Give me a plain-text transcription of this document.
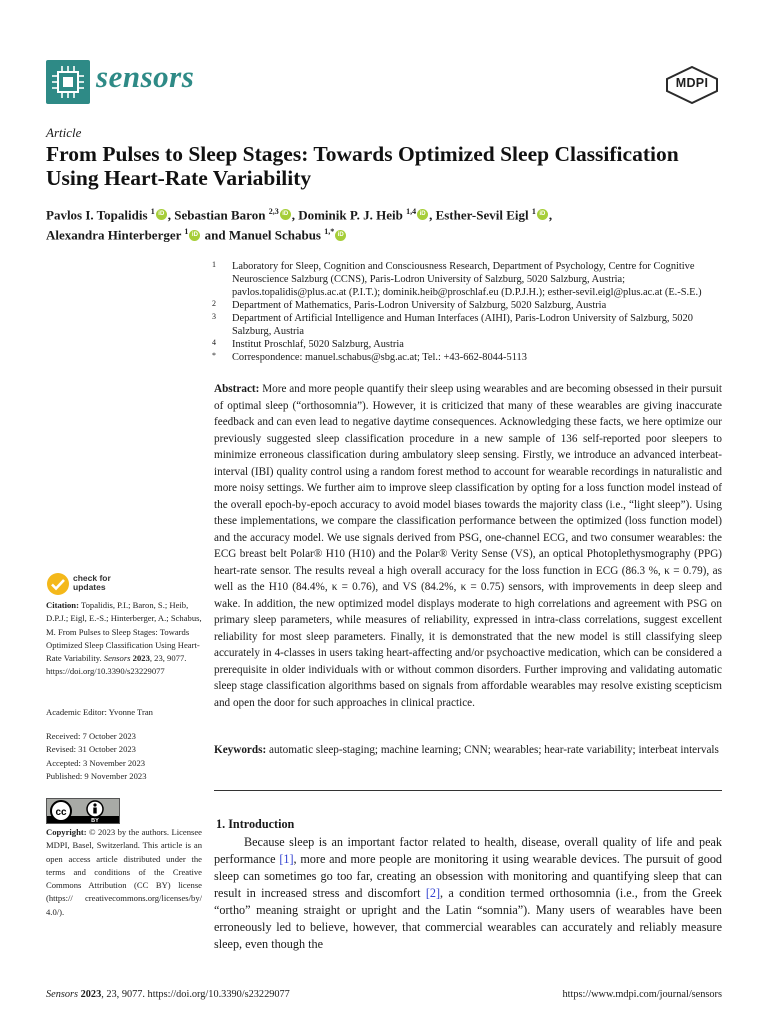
sensors	MDPI
Article
From Pulses to Sleep Stages: Towards Optimized Sleep Classification Using Heart-Rate Variability
Pavlos I. Topalidis $^1$ iD , Sebastian Baron $^{2,3}$ iD , Dominik P. J. Heib $^{1,4}$ iD , Esther-Sevil Eigl $^1$ iD ,
Alexandra Hinterberger $^1$iD and Manuel Schabus $^{1,*}$iD
1 Laboratory for Sleep, Cognition and Consciousness Research, Department of Psychology, Centre for Cognitive Neuroscience Salzburg (CCNS), Paris-Lodron University of Salzburg, 5020 Salzburg, Austria; pavlos.topalidis@plus.ac.at (P.I.T.); dominik.heib@proschlaf.eu (D.P.J.H.); esther-sevil.eigl@plus.ac.at (E.-S.E.)
2 Department of Mathematics, Paris-Lodron University of Salzburg, 5020 Salzburg, Austria
3 Department of Artificial Intelligence and Human Interfaces (AIHI), Paris-Lodron University of Salzburg, 5020 Salzburg, Austria
4 Institut Proschlaf, 5020 Salzburg, Austria
* Correspondence: manuel.schabus@sbg.ac.at; Tel.: +43-662-8044-5113
Abstract: More and more people quantify their sleep using wearables and are becoming obsessed in their pursuit of optimal sleep (“orthosomnia”). However, it is criticized that many of these wearables are giving inaccurate feedback and can even lead to negative daytime consequences. Acknowledging these facts, we here optimize our previously suggested sleep classification procedure in a new sample of 136 self-reported poor sleepers to minimize erroneous classification during ambulatory sleep sensing. Firstly, we introduce an advanced interbeat-interval (IBI) quality control using a random forest method to account for wearable recordings in naturalistic and more noisy settings. We further aim to improve sleep classification by opting for a loss function model instead of the overall epoch-by-epoch accuracy to avoid model biases towards the majority class (i.e., “light sleep”). Using these implementations, we compare the classification performance between the optimized (loss function model) and the accuracy model. We use signals derived from PSG, one-channel ECG, and two consumer wearables: the ECG breast belt Polar® H10 (H10) and the Polar® Verity Sense (VS), an optical Photoplethysmography (PPG) heart-rate sensor. The results reveal a high overall accuracy for the loss function in ECG (86.3 %, κ = 0.79), as well as the H10 (84.4%, κ = 0.76), and VS (84.2%, κ = 0.75) sensors, with improvements in deep sleep and wake. In addition, the new optimized model displays moderate to high correlations and agreement with PSG on primary sleep parameters, while measures of reliability, expressed in intra-class correlations, suggest excellent reliability for most sleep parameters. Finally, it is demonstrated that the new model is still classifying sleep accurately in 4-classes in users taking heart-affecting and/or psychoactive medication, which can be considered a prerequisite in older individuals with or without common disorders. Further improving and validating automatic sleep stage classification algorithms based on signals from affordable wearables may resolve existing scepticism and open the door for such approaches in clinical practice.
Keywords: automatic sleep-staging; machine learning; CNN; wearables; hear-rate variability; interbeat intervals
1. Introduction
Because sleep is an important factor related to health, disease, overall quality of life and peak performance [1], more and more people are monitoring it using wearable devices. The pursuit of good sleep can sometimes go too far, creating an obsession with monitoring and quantifying sleep that can result in increased stress and discomfort [2], a condition termed orthosomnia (i.e., from the Greek “ortho” meaning straight or upright and the Latin “somnia”). Many users of wearables have been erroneously led to believe, however, that commercial wearables can accurately and reliably measure sleep, even though the
check for
updates
Citation: Topalidis, P.I.; Baron, S.; Heib, D.P.J.; Eigl, E.-S.; Hinterberger, A.; Schabus, M. From Pulses to Sleep Stages: Towards Optimized Sleep Classification Using Heart-Rate Variability. Sensors 2023, 23, 9077. https://doi.org/10.3390/s23229077
Academic Editor: Yvonne Tran
Received: 7 October 2023
Revised: 31 October 2023
Accepted: 3 November 2023
Published: 9 November 2023
cc
BY
Copyright: © 2023 by the authors. Licensee MDPI, Basel, Switzerland. This article is an open access article distributed under the terms and conditions of the Creative Commons Attribution (CC BY) license (https:// creativecommons.org/licenses/by/ 4.0/).
Sensors 2023, 23, 9077. https://doi.org/10.3390/s23229077	https://www.mdpi.com/journal/sensors
